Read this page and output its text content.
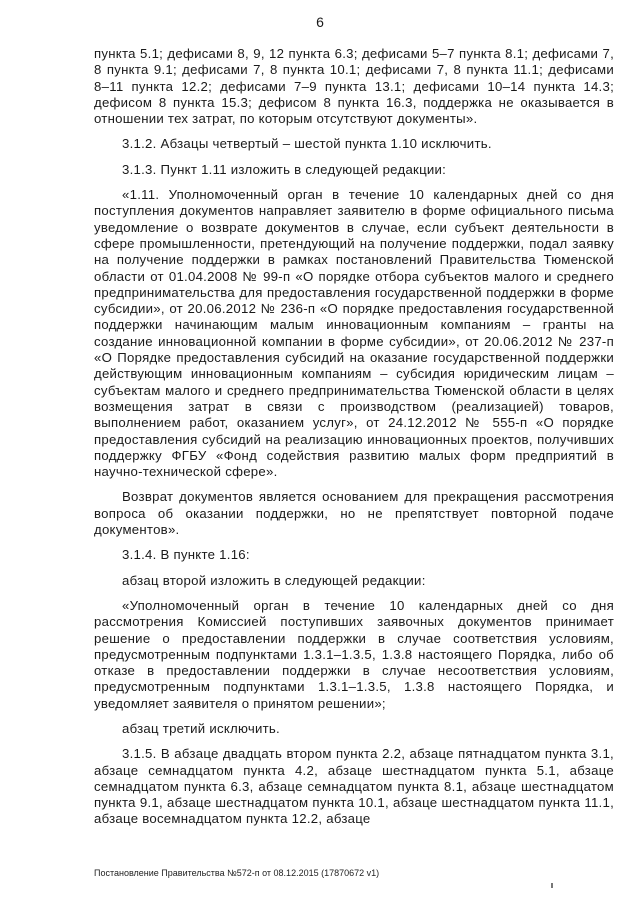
6

пункта 5.1; дефисами 8, 9, 12 пункта 6.3; дефисами 5–7 пункта 8.1; дефисами 7, 8 пункта 9.1; дефисами 7, 8 пункта 10.1; дефисами 7, 8 пункта 11.1; дефисами 8–11 пункта 12.2; дефисами 7–9 пункта 13.1; дефисами 10–14 пункта 14.3; дефисом 8 пункта 15.3; дефисом 8 пункта 16.3, поддержка не оказывается в отношении тех затрат, по которым отсутствуют документы».

3.1.2. Абзацы четвертый – шестой пункта 1.10 исключить.

3.1.3. Пункт 1.11 изложить в следующей редакции:

«1.11. Уполномоченный орган в течение 10 календарных дней со дня поступления документов направляет заявителю в форме официального письма уведомление о возврате документов в случае, если субъект деятельности в сфере промышленности, претендующий на получение поддержки, подал заявку на получение поддержки в рамках постановлений Правительства Тюменской области от 01.04.2008 № 99-п «О порядке отбора субъектов малого и среднего предпринимательства для предоставления государственной поддержки в форме субсидии», от 20.06.2012 № 236-п «О порядке предоставления государственной поддержки начинающим малым инновационным компаниям – гранты на создание инновационной компании в форме субсидии», от 20.06.2012 № 237-п «О Порядке предоставления субсидий на оказание государственной поддержки действующим инновационным компаниям – субсидия юридическим лицам – субъектам малого и среднего предпринимательства Тюменской области в целях возмещения затрат в связи с производством (реализацией) товаров, выполнением работ, оказанием услуг», от 24.12.2012 № 555-п «О порядке предоставления субсидий на реализацию инновационных проектов, получивших поддержку ФГБУ «Фонд содействия развитию малых форм предприятий в научно-технической сфере».

Возврат документов является основанием для прекращения рассмотрения вопроса об оказании поддержки, но не препятствует повторной подаче документов».

3.1.4. В пункте 1.16:

абзац второй изложить в следующей редакции:

«Уполномоченный орган в течение 10 календарных дней со дня рассмотрения Комиссией поступивших заявочных документов принимает решение о предоставлении поддержки в случае соответствия условиям, предусмотренным подпунктами 1.3.1–1.3.5, 1.3.8 настоящего Порядка, либо об отказе в предоставлении поддержки в случае несоответствия условиям, предусмотренным подпунктами 1.3.1–1.3.5, 1.3.8 настоящего Порядка, и уведомляет заявителя о принятом решении»;

абзац третий исключить.

3.1.5. В абзаце двадцать втором пункта 2.2, абзаце пятнадцатом пункта 3.1, абзаце семнадцатом пункта 4.2, абзаце шестнадцатом пункта 5.1, абзаце семнадцатом пункта 6.3, абзаце семнадцатом пункта 8.1, абзаце шестнадцатом пункта 9.1, абзаце шестнадцатом пункта 10.1, абзаце шестнадцатом пункта 11.1, абзаце восемнадцатом пункта 12.2, абзаце

Постановление Правительства №572-п от 08.12.2015 (17870672 v1)
